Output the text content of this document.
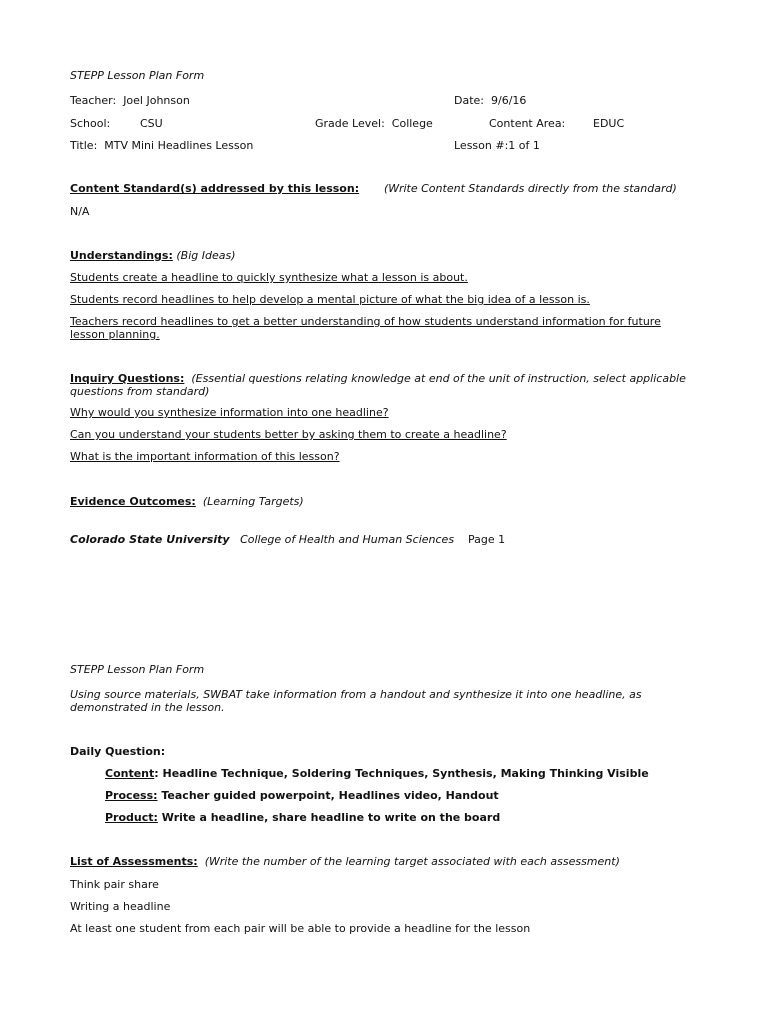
STEPP Lesson Plan Form
Teacher: Joel Johnson	Date: 9/6/16
School:	CSU	Grade Level: College	Content Area:	EDUC
Title: MTV Mini Headlines Lesson	Lesson #:1 of 1
Content Standard(s) addressed by this lesson: (Write Content Standards directly from the standard)
N/A
Understandings: (Big Ideas)
Students create a headline to quickly synthesize what a lesson is about.
Students record headlines to help develop a mental picture of what the big idea of a lesson is.
Teachers record headlines to get a better understanding of how students understand information for future lesson planning.
Inquiry Questions: (Essential questions relating knowledge at end of the unit of instruction, select applicable questions from standard)
Why would you synthesize information into one headline?
Can you understand your students better by asking them to create a headline?
What is the important information of this lesson?
Evidence Outcomes: (Learning Targets)
Colorado State University College of Health and Human Sciences Page 1
STEPP Lesson Plan Form
Using source materials, SWBAT take information from a handout and synthesize it into one headline, as demonstrated in the lesson.
Daily Question:
Content: Headline Technique, Soldering Techniques, Synthesis, Making Thinking Visible
Process: Teacher guided powerpoint, Headlines video, Handout
Product: Write a headline, share headline to write on the board
List of Assessments: (Write the number of the learning target associated with each assessment)
Think pair share
Writing a headline
At least one student from each pair will be able to provide a headline for the lesson
